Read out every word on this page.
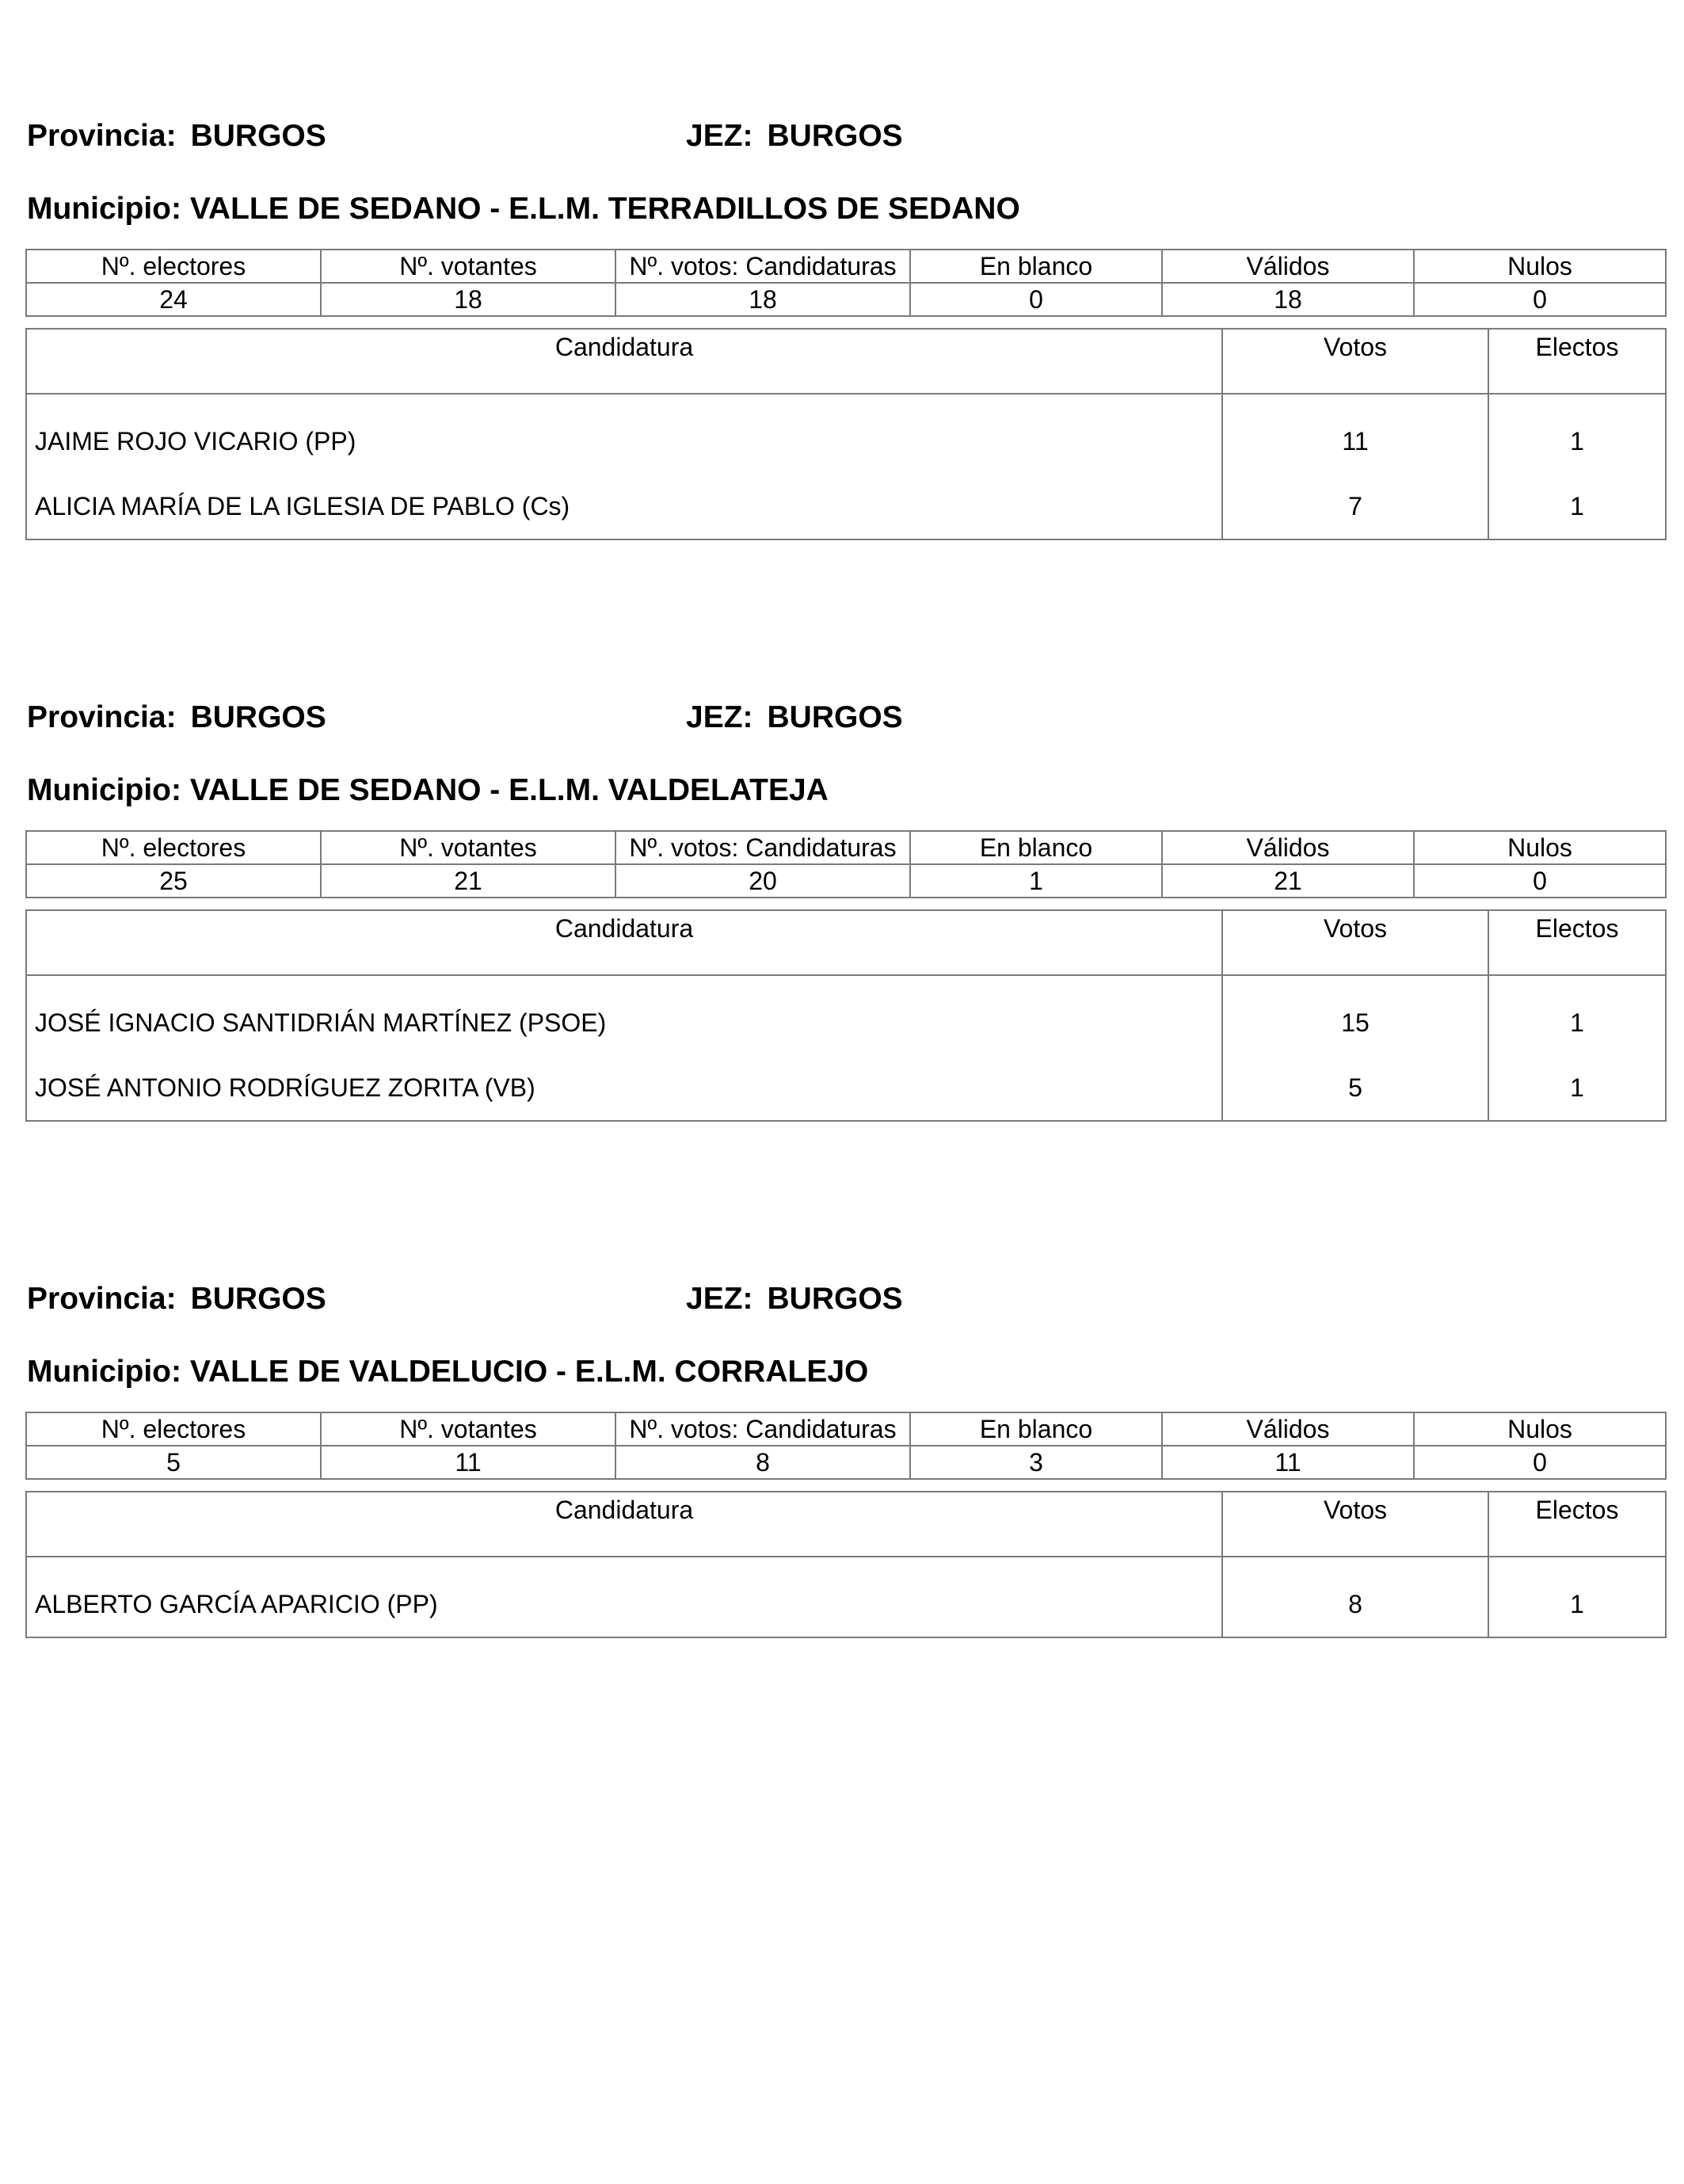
Provincia: BURGOS	JEZ: BURGOS
Municipio: VALLE DE SEDANO - E.L.M. TERRADILLOS DE SEDANO
Nº. electores	Nº. votantes	Nº. votos: Candidaturas	En blanco	Válidos	Nulos
24	18	18	0	18	0
Candidatura	Votos	Electos
JAIME ROJO VICARIO (PP)	11	1
ALICIA MARÍA DE LA IGLESIA DE PABLO (Cs)	7	1
Provincia: BURGOS	JEZ: BURGOS
Municipio: VALLE DE SEDANO - E.L.M. VALDELATEJA
Nº. electores	Nº. votantes	Nº. votos: Candidaturas	En blanco	Válidos	Nulos
25	21	20	1	21	0
Candidatura	Votos	Electos
JOSÉ IGNACIO SANTIDRIÁN MARTÍNEZ (PSOE)	15	1
JOSÉ ANTONIO RODRÍGUEZ ZORITA (VB)	5	1
Provincia: BURGOS	JEZ: BURGOS
Municipio: VALLE DE VALDELUCIO - E.L.M. CORRALEJO
Nº. electores	Nº. votantes	Nº. votos: Candidaturas	En blanco	Válidos	Nulos
5	11	8	3	11	0
Candidatura	Votos	Electos
ALBERTO GARCÍA APARICIO (PP)	8	1
